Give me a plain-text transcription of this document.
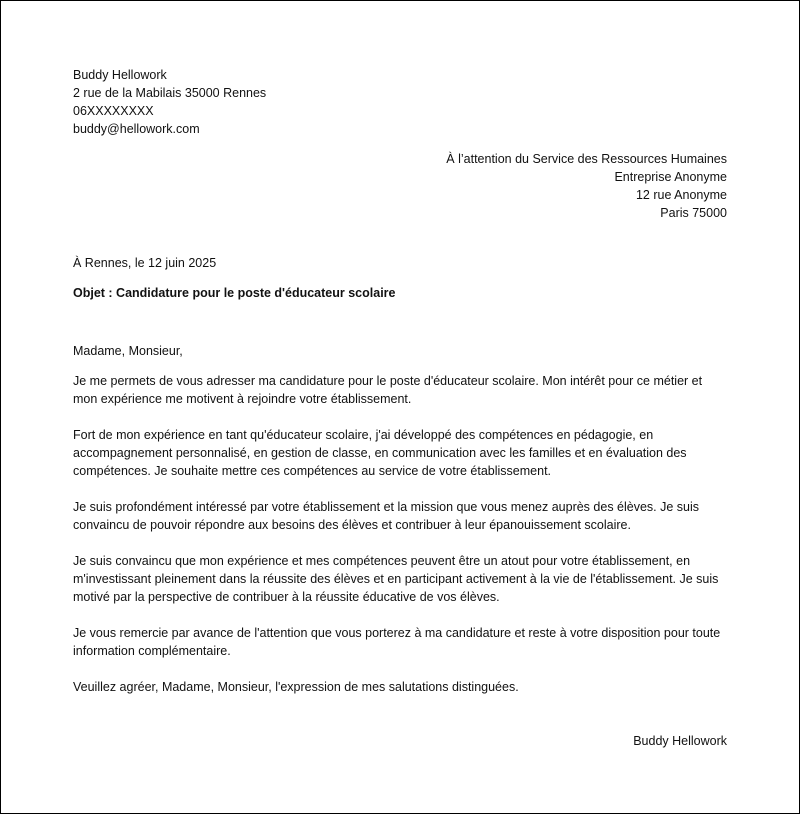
Buddy Hellowork
2 rue de la Mabilais 35000 Rennes
06XXXXXXXX
buddy@hellowork.com
À l’attention du Service des Ressources Humaines
Entreprise Anonyme
12 rue Anonyme
Paris 75000
À Rennes, le 12 juin 2025
Objet : Candidature pour le poste d'éducateur scolaire
Madame, Monsieur,

Je me permets de vous adresser ma candidature pour le poste d'éducateur scolaire. Mon intérêt pour ce métier et mon expérience me motivent à rejoindre votre établissement.

Fort de mon expérience en tant qu'éducateur scolaire, j'ai développé des compétences en pédagogie, en accompagnement personnalisé, en gestion de classe, en communication avec les familles et en évaluation des compétences. Je souhaite mettre ces compétences au service de votre établissement.

Je suis profondément intéressé par votre établissement et la mission que vous menez auprès des élèves. Je suis convaincu de pouvoir répondre aux besoins des élèves et contribuer à leur épanouissement scolaire.

Je suis convaincu que mon expérience et mes compétences peuvent être un atout pour votre établissement, en m'investissant pleinement dans la réussite des élèves et en participant activement à la vie de l'établissement. Je suis motivé par la perspective de contribuer à la réussite éducative de vos élèves.

Je vous remercie par avance de l'attention que vous porterez à ma candidature et reste à votre disposition pour toute information complémentaire.

Veuillez agréer, Madame, Monsieur, l'expression de mes salutations distinguées.
Buddy Hellowork
